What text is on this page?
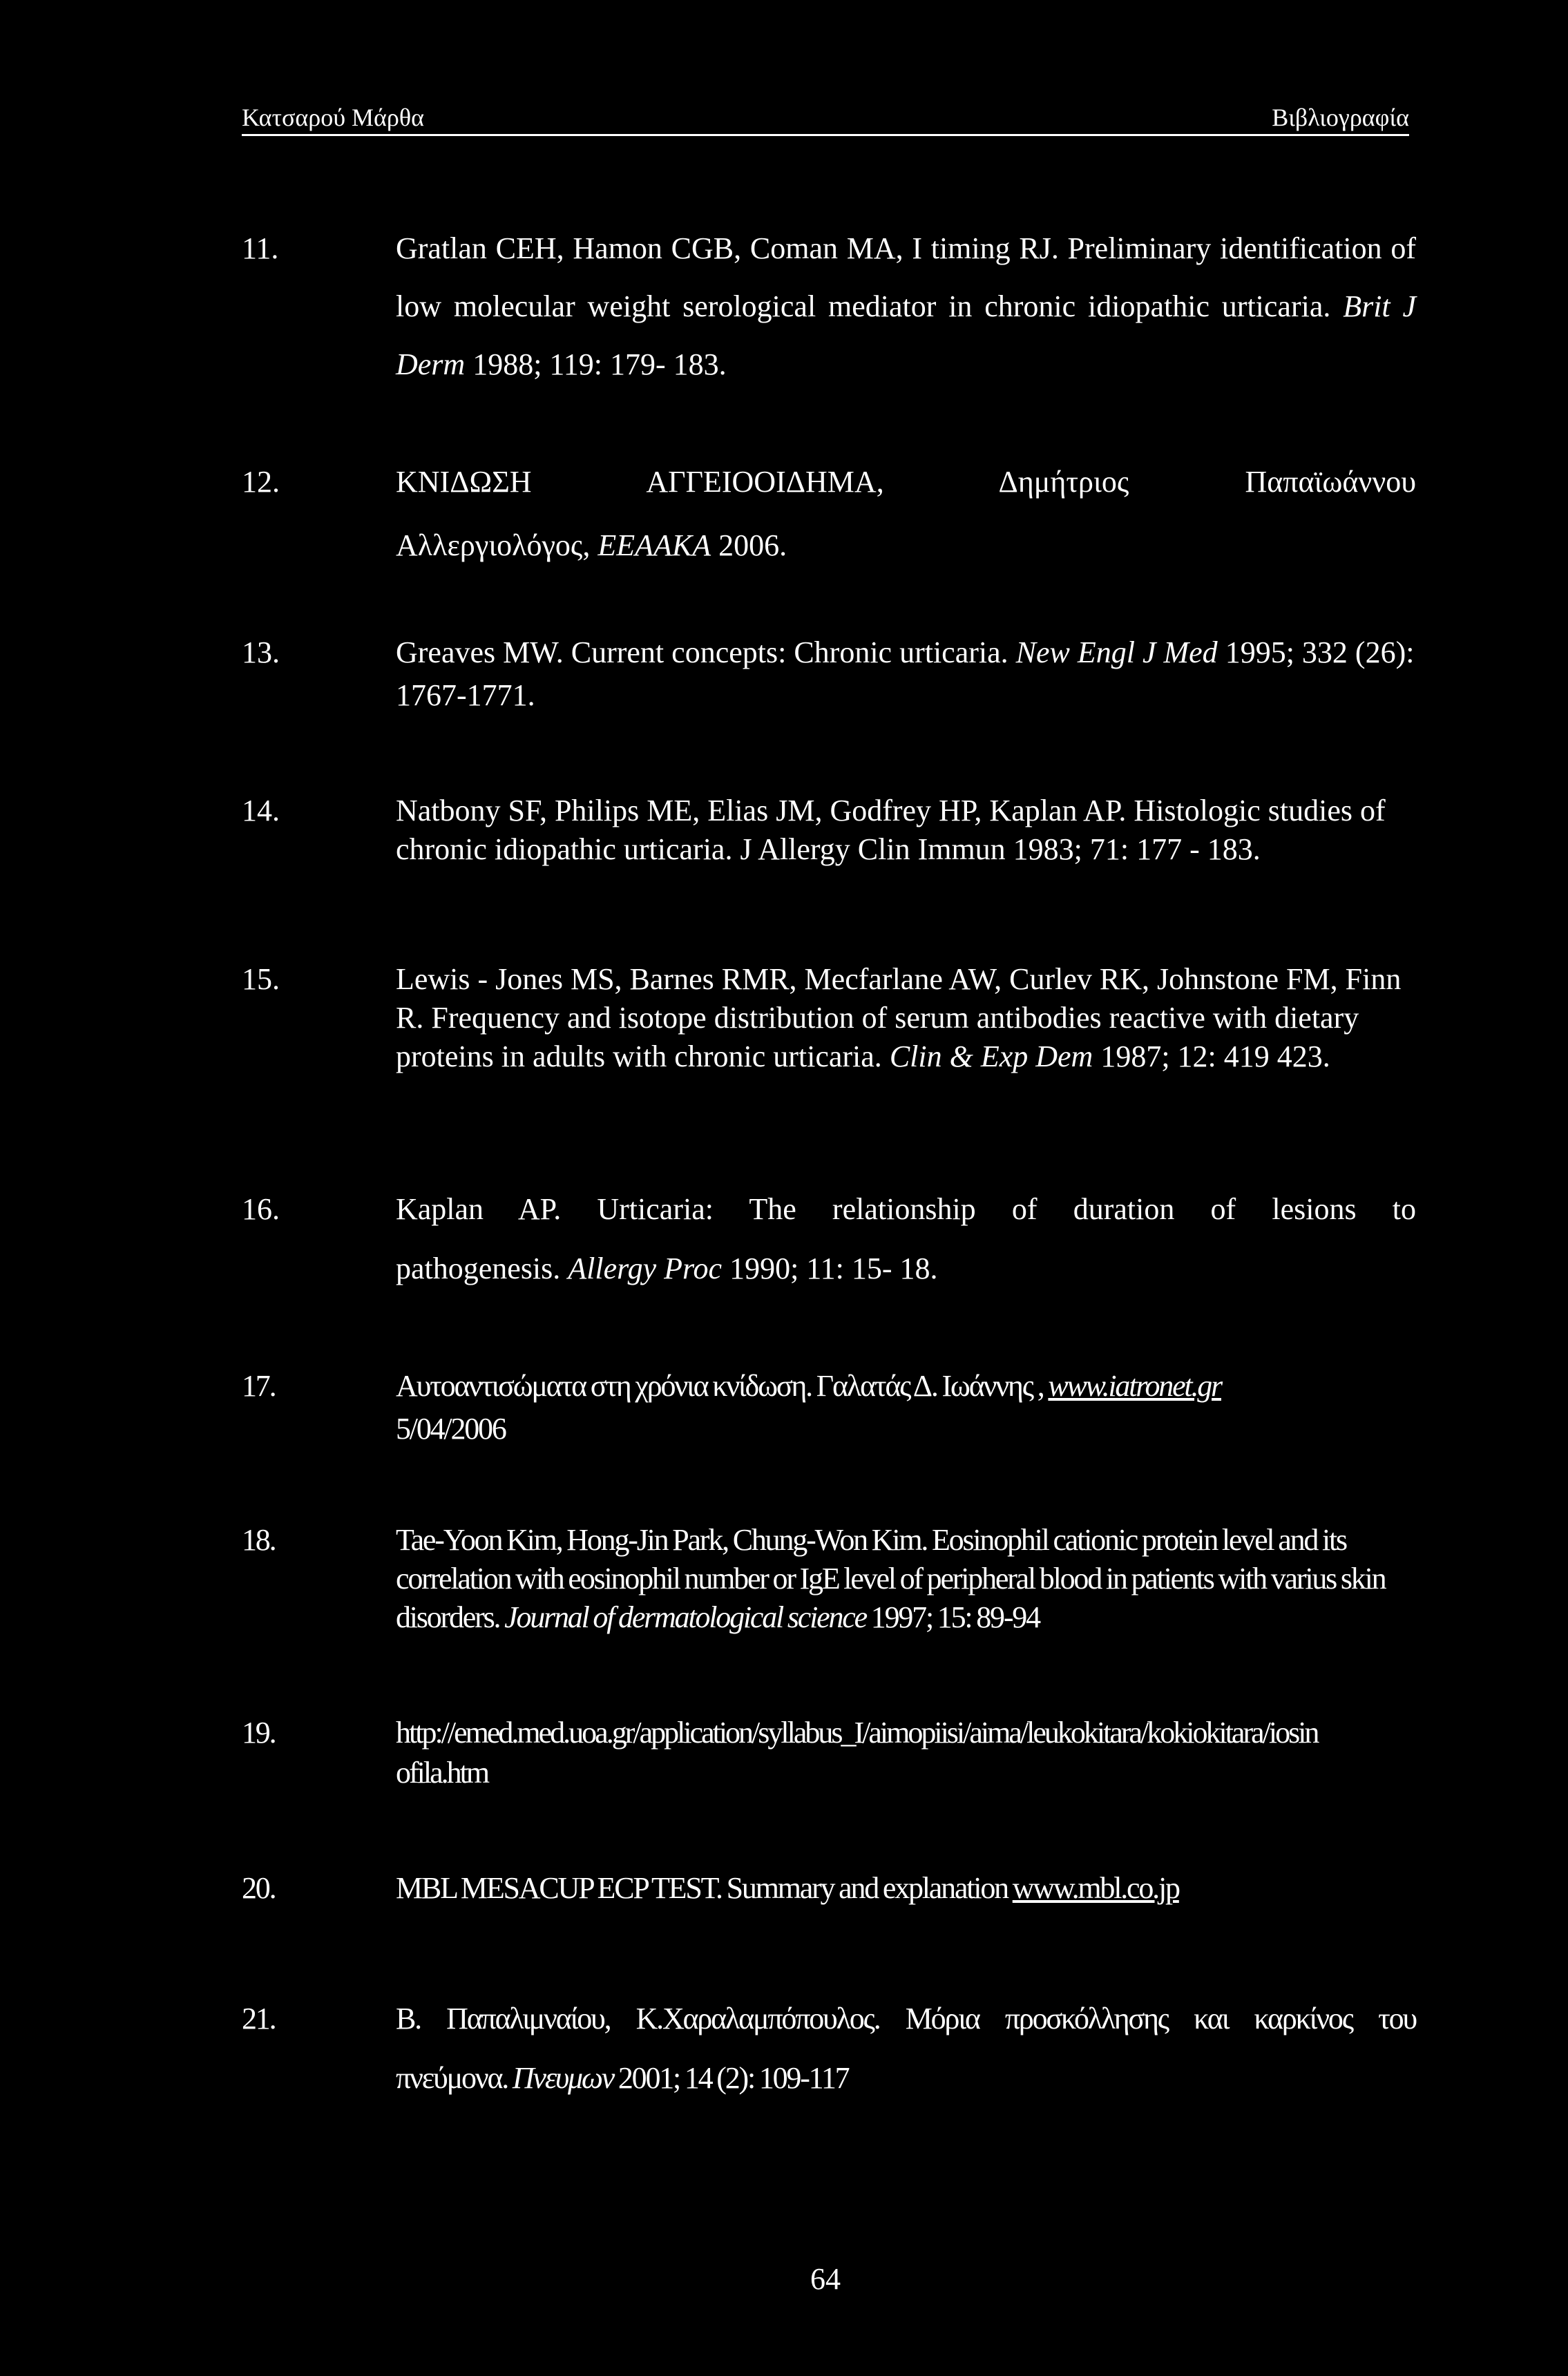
Κατσαρού Μάρθα	Βιβλιογραφία
11.	Gratlan CEH, Hamon CGB, Coman MA, I timing RJ. Preliminary identification of low molecular weight serological mediator in chronic idiopathic urticaria. Brit J Derm 1988; 119: 179- 183.
12.	ΚΝΙΔΩΣΗ ΑΓΓΕΙΟΟΙΔΗΜΑ, Δημήτριος Παπαϊωάννου
Αλλεργιολόγος, ΕΕΑΑΚΑ 2006.
13.	Greaves MW. Current concepts: Chronic urticaria. New Engl J Med 1995; 332 (26): 1767-1771.
14.	Natbony SF, Philips ME, Elias JM, Godfrey HP, Kaplan AP. Histologic studies of chronic idiopathic urticaria. J Allergy Clin Immun 1983; 71: 177 - 183.
15.	Lewis - Jones MS, Barnes RMR, Mecfarlane AW, Curlev RK, Johnstone FM, Finn R. Frequency and isotope distribution of serum antibodies reactive with dietary proteins in adults with chronic urticaria. Clin & Exp Dem 1987; 12: 419 423.
16.	Kaplan AP. Urticaria: The relationship of duration of lesions to
pathogenesis. Allergy Proc 1990; 11: 15- 18.
17.	Αυτοαντισώματα στη χρόνια κνίδωση. Γαλατάς Δ. Ιωάννης , www.iatronet.gr
5/04/2006
18.	Tae-Yoon Kim, Hong-Jin Park, Chung-Won Kim. Eosinophil cationic protein level and its correlation with eosinophil number or IgE level of peripheral blood in patients with varius skin disorders. Journal of dermatological science 1997; 15: 89-94
19.	http://emed.med.uoa.gr/application/syllabus_I/aimopiisi/aima/leukokitara/kokiokitara/iosin
ofila.htm
20.	MBL MESACUP ECP TEST. Summary and explanation www.mbl.co.jp
21.	Β. Παπαλιμναίου, Κ.Χαραλαμπόπουλος. Μόρια προσκόλλησης και καρκίνος του
πνεύμονα. Πνευμων 2001; 14 (2): 109-117
64
